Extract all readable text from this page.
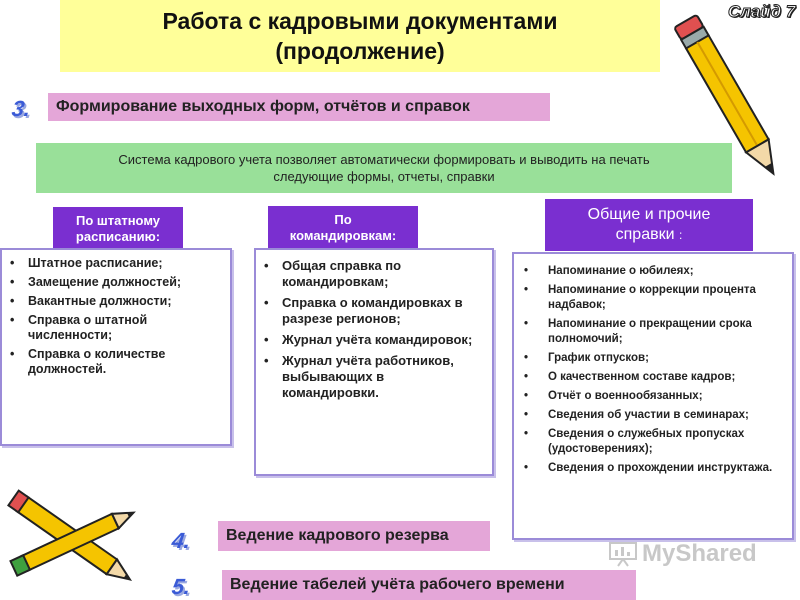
Работа с кадровыми документами
(продолжение)
Слайд 7
3.	Формирование выходных форм, отчётов и справок
Система кадрового учета позволяет автоматически формировать и выводить на печать
следующие формы, отчеты, справки
По штатному
расписанию:
• Штатное расписание;
• Замещение должностей;
• Вакантные должности;
• Справка о штатной численности;
• Справка о количестве должностей.
По
командировкам:
• Общая справка по командировкам;
• Справка о командировках в разрезе регионов;
• Журнал учёта командировок;
• Журнал учёта работников, выбывающих в командировки.
Общие и прочие
справки :
• Напоминание о юбилеях;
• Напоминание о коррекции процента надбавок;
• Напоминание о прекращении срока полномочий;
• График отпусков;
• О качественном составе кадров;
• Отчёт о военнообязанных;
• Сведения об участии в семинарах;
• Сведения о служебных пропусках (удостоверениях);
• Сведения о прохождении инструктажа.
4.	Ведение кадрового резерва
5.	Ведение табелей учёта рабочего времени
MyShared
